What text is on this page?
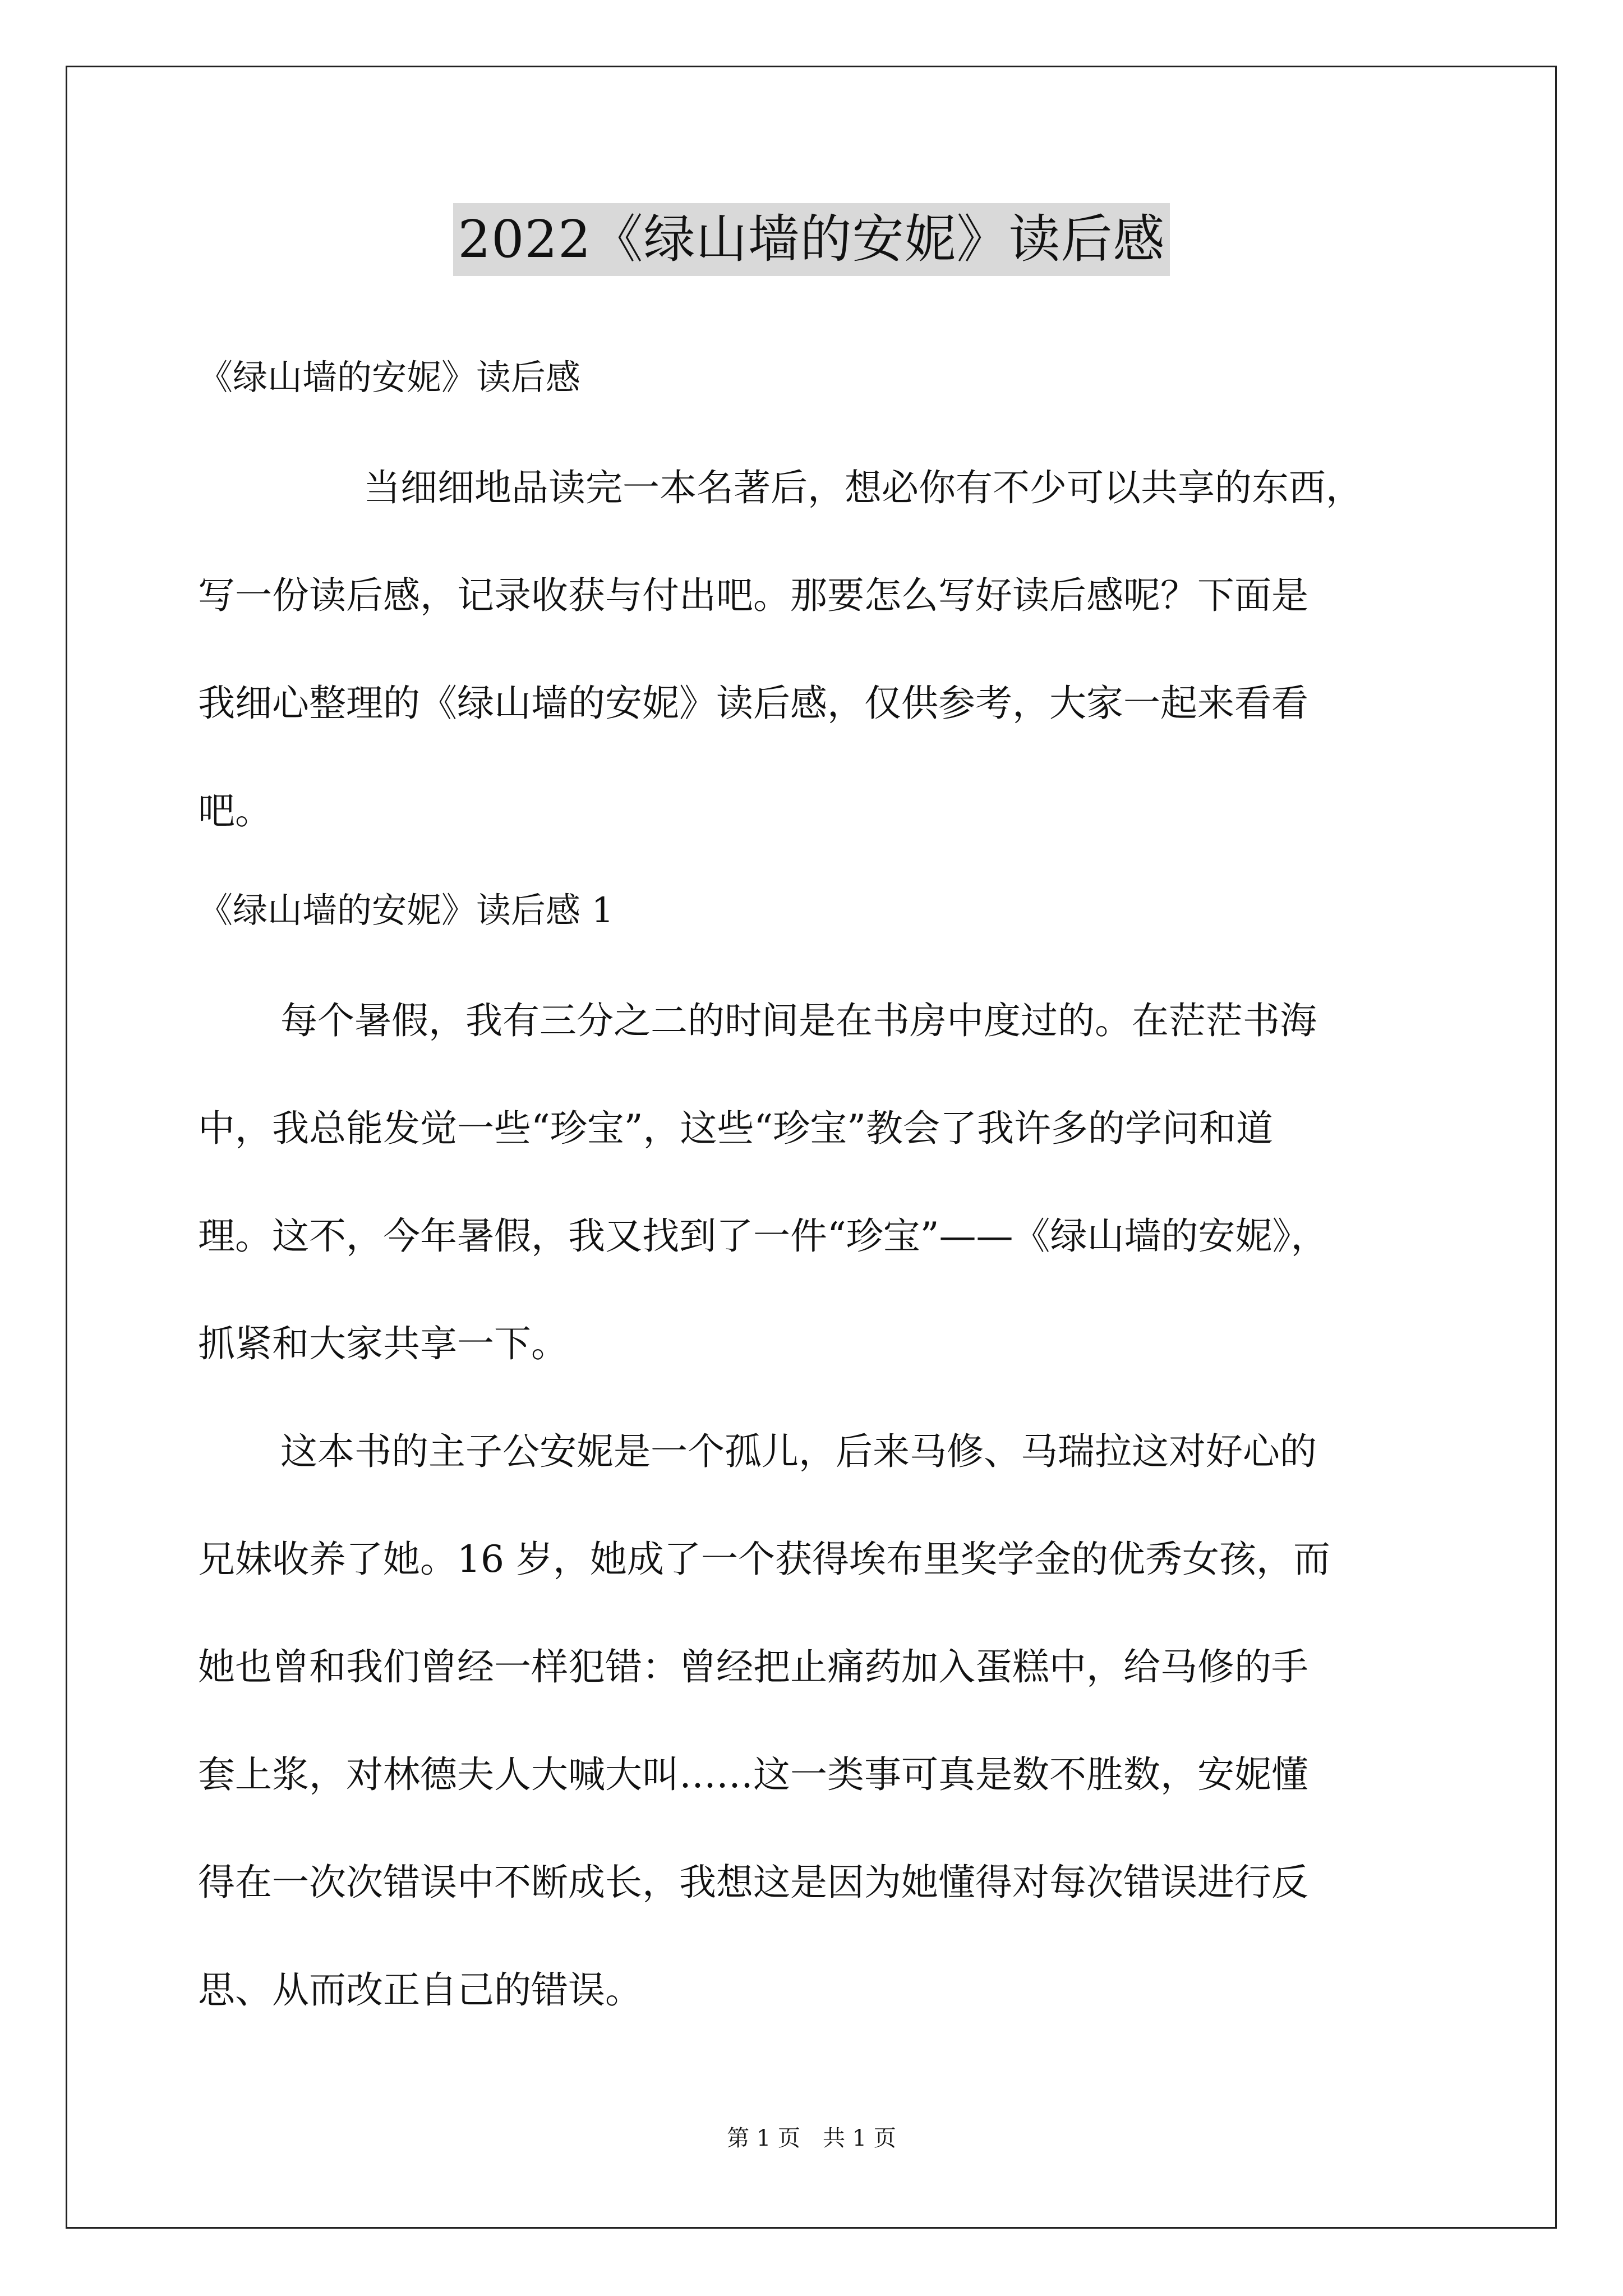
2022《绿山墙的安妮》读后感
《绿山墙的安妮》读后感
当细细地品读完一本名著后，想必你有不少可以共享的东西，
写一份读后感，记录收获与付出吧。那要怎么写好读后感呢？下面是
我细心整理的《绿山墙的安妮》读后感，仅供参考，大家一起来看看
吧。
《绿山墙的安妮》读后感 1
每个暑假，我有三分之二的时间是在书房中度过的。在茫茫书海
中，我总能发觉一些“珍宝”，这些“珍宝”教会了我许多的学问和道
理。这不，今年暑假，我又找到了一件“珍宝”——《绿山墙的安妮》，
抓紧和大家共享一下。
这本书的主子公安妮是一个孤儿，后来马修、马瑞拉这对好心的
兄妹收养了她。16 岁，她成了一个获得埃布里奖学金的优秀女孩，而
她也曾和我们曾经一样犯错：曾经把止痛药加入蛋糕中，给马修的手
套上浆，对林德夫人大喊大叫……这一类事可真是数不胜数，安妮懂
得在一次次错误中不断成长，我想这是因为她懂得对每次错误进行反
思、从而改正自己的错误。
第 1 页　共 1 页
